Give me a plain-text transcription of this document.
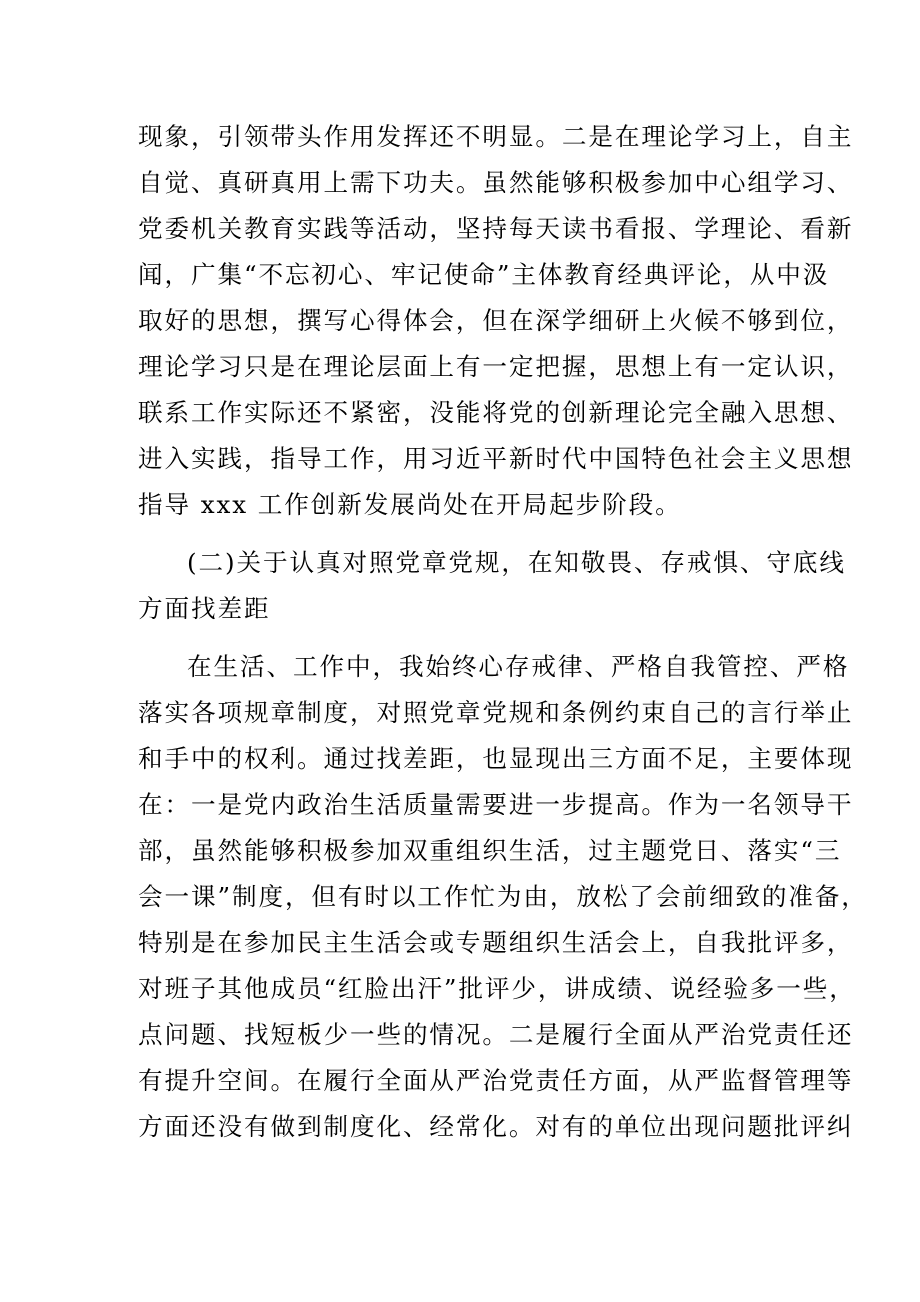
现象，引领带头作用发挥还不明显。二是在理论学习上，自主
自觉、真研真用上需下功夫。虽然能够积极参加中心组学习、
党委机关教育实践等活动，坚持每天读书看报、学理论、看新
闻，广集“不忘初心、牢记使命”主体教育经典评论，从中汲
取好的思想，撰写心得体会，但在深学细研上火候不够到位，
理论学习只是在理论层面上有一定把握，思想上有一定认识，
联系工作实际还不紧密，没能将党的创新理论完全融入思想、
进入实践，指导工作，用习近平新时代中国特色社会主义思想
指导 xxx 工作创新发展尚处在开局起步阶段。
(二)关于认真对照党章党规，在知敬畏、存戒惧、守底线
方面找差距
在生活、工作中，我始终心存戒律、严格自我管控、严格
落实各项规章制度，对照党章党规和条例约束自己的言行举止
和手中的权利。通过找差距，也显现出三方面不足，主要体现
在：一是党内政治生活质量需要进一步提高。作为一名领导干
部，虽然能够积极参加双重组织生活，过主题党日、落实“三
会一课”制度，但有时以工作忙为由，放松了会前细致的准备，
特别是在参加民主生活会或专题组织生活会上，自我批评多，
对班子其他成员“红脸出汗”批评少，讲成绩、说经验多一些，
点问题、找短板少一些的情况。二是履行全面从严治党责任还
有提升空间。在履行全面从严治党责任方面，从严监督管理等
方面还没有做到制度化、经常化。对有的单位出现问题批评纠
